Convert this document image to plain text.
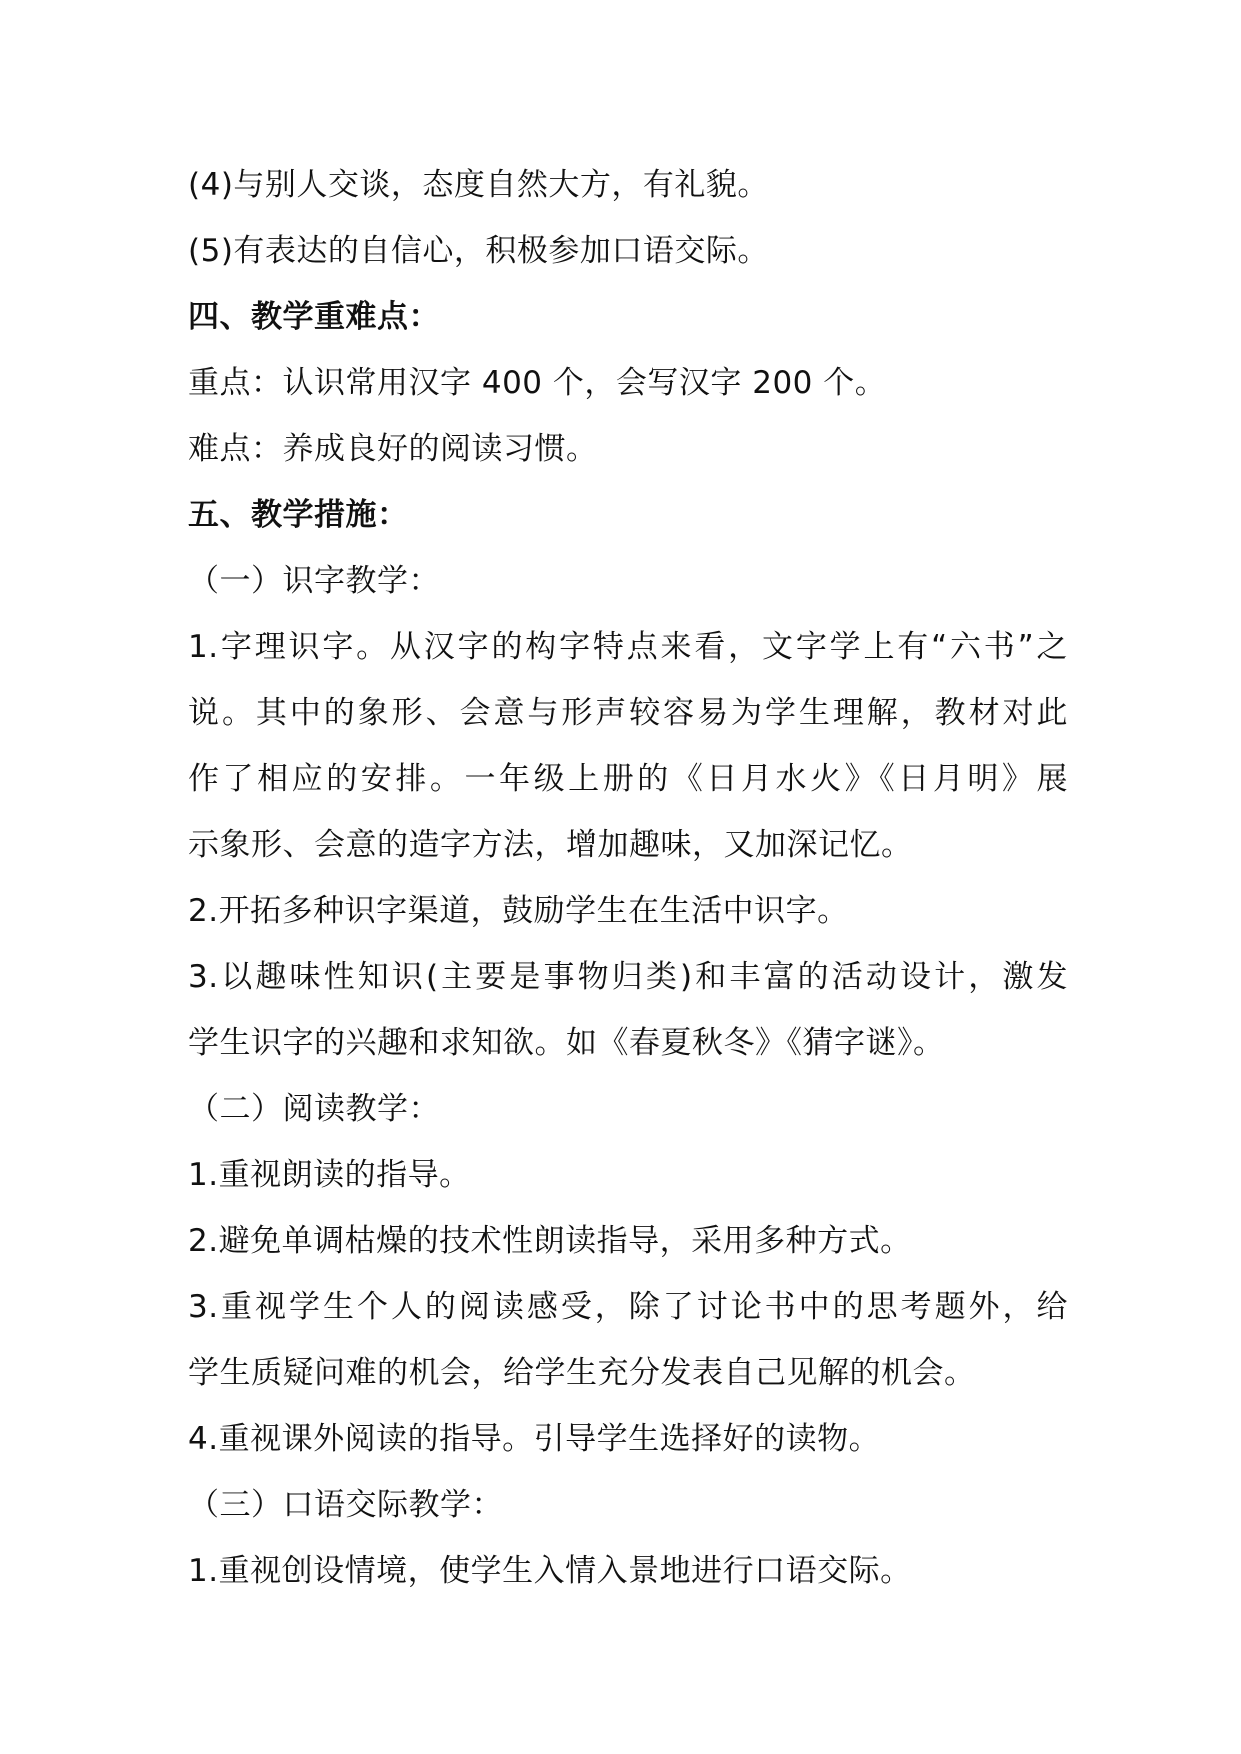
(4)与别人交谈，态度自然大方，有礼貌。
(5)有表达的自信心，积极参加口语交际。
四、教学重难点：
重点：认识常用汉字 400 个，会写汉字 200 个。
难点：养成良好的阅读习惯。
五、教学措施：
（一）识字教学：
1.字理识字。从汉字的构字特点来看，文字学上有“六书”之
说。其中的象形、会意与形声较容易为学生理解，教材对此
作了相应的安排。一年级上册的《日月水火》《日月明》展
示象形、会意的造字方法，增加趣味，又加深记忆。
2.开拓多种识字渠道，鼓励学生在生活中识字。
3.以趣味性知识(主要是事物归类)和丰富的活动设计，激发
学生识字的兴趣和求知欲。如《春夏秋冬》《猜字谜》。
（二）阅读教学：
1.重视朗读的指导。
2.避免单调枯燥的技术性朗读指导，采用多种方式。
3.重视学生个人的阅读感受，除了讨论书中的思考题外，给
学生质疑问难的机会，给学生充分发表自己见解的机会。
4.重视课外阅读的指导。引导学生选择好的读物。
（三）口语交际教学：
1.重视创设情境，使学生入情入景地进行口语交际。
